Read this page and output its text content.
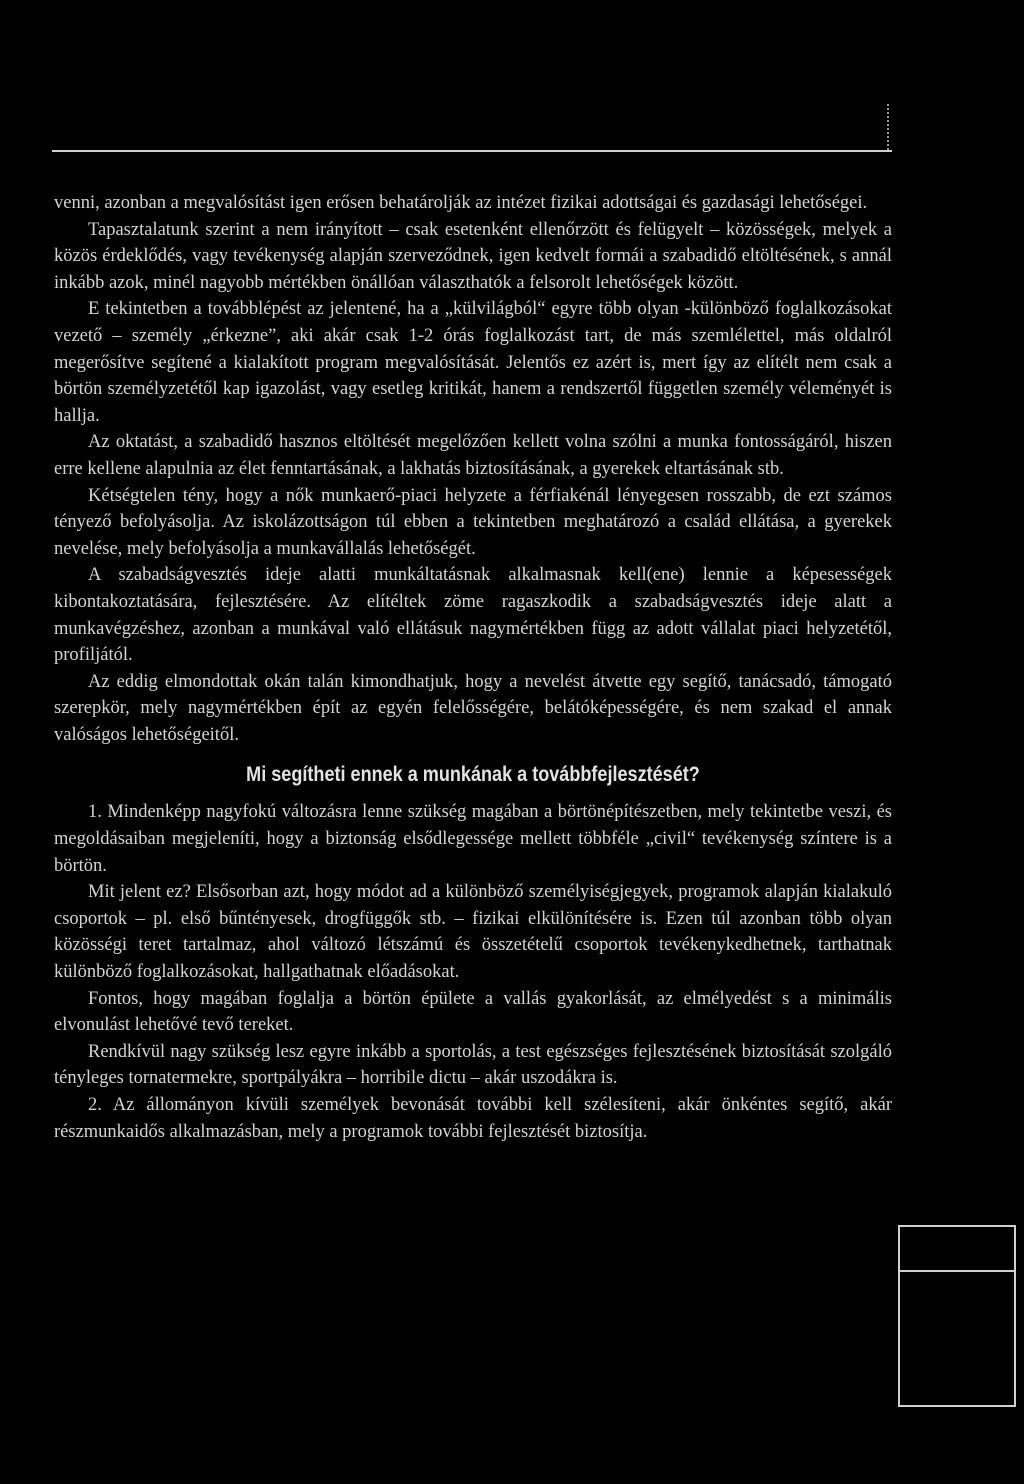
venni, azonban a megvalósítást igen erősen behatárolják az intézet fizikai adottságai és gazdasági lehetőségei.

Tapasztalatunk szerint a nem irányított – csak esetenként ellenőrzött és felügyelt – közösségek, melyek a közös érdeklődés, vagy tevékenység alapján szerveződnek, igen kedvelt formái a szabadidő eltöltésének, s annál inkább azok, minél nagyobb mértékben önállóan választhatók a felsorolt lehetőségek között.

E tekintetben a továbblépést az jelentené, ha a „külvilágból“ egyre több olyan -különböző foglalkozásokat vezető – személy „érkezne”, aki akár csak 1-2 órás foglalkozást tart, de más szemlélettel, más oldalról megerősítve segítené a kialakított program megvalósítását. Jelentős ez azért is, mert így az elítélt nem csak a börtön személyzetétől kap igazolást, vagy esetleg kritikát, hanem a rendszertől független személy véleményét is hallja.

Az oktatást, a szabadidő hasznos eltöltését megelőzően kellett volna szólni a munka fontosságáról, hiszen erre kellene alapulnia az élet fenntartásának, a lakhatás biztosításának, a gyerekek eltartásának stb.

Kétségtelen tény, hogy a nők munkaerő-piaci helyzete a férfiakénál lényegesen rosszabb, de ezt számos tényező befolyásolja. Az iskolázottságon túl ebben a tekintetben meghatározó a család ellátása, a gyerekek nevelése, mely befolyásolja a munkavállalás lehetőségét.

A szabadságvesztés ideje alatti munkáltatásnak alkalmasnak kell(ene) lennie a képesességek kibontakoztatására, fejlesztésére. Az elítéltek zöme ragaszkodik a szabadságvesztés ideje alatt a munkavégzéshez, azonban a munkával való ellátásuk nagymértékben függ az adott vállalat piaci helyzetétől, profiljától.

Az eddig elmondottak okán talán kimondhatjuk, hogy a nevelést átvette egy segítő, tanácsadó, támogató szerepkör, mely nagymértékben épít az egyén felelősségére, belátóképességére, és nem szakad el annak valóságos lehetőségeitől.

Mi segítheti ennek a munkának a továbbfejlesztését?

1. Mindenképp nagyfokú változásra lenne szükség magában a börtönépítészetben, mely tekintetbe veszi, és megoldásaiban megjeleníti, hogy a biztonság elsődlegessége mellett többféle „civil“ tevékenység színtere is a börtön.

Mit jelent ez? Elsősorban azt, hogy módot ad a különböző személyiségjegyek, programok alapján kialakuló csoportok – pl. első bűntényesek, drogfüggők stb. – fizikai elkülönítésére is. Ezen túl azonban több olyan közösségi teret tartalmaz, ahol változó létszámú és összetételű csoportok tevékenykedhetnek, tarthatnak különböző foglalkozásokat, hallgathatnak előadásokat.

Fontos, hogy magában foglalja a börtön épülete a vallás gyakorlását, az elmélyedést s a minimális elvonulást lehetővé tevő tereket.

Rendkívül nagy szükség lesz egyre inkább a sportolás, a test egészséges fejlesztésének biztosítását szolgáló tényleges tornatermekre, sportpályákra – horribile dictu – akár uszodákra is.

2. Az állományon kívüli személyek bevonását további kell szélesíteni, akár önkéntes segítő, akár részmunkaidős alkalmazásban, mely a programok további fejlesztését biztosítja.
